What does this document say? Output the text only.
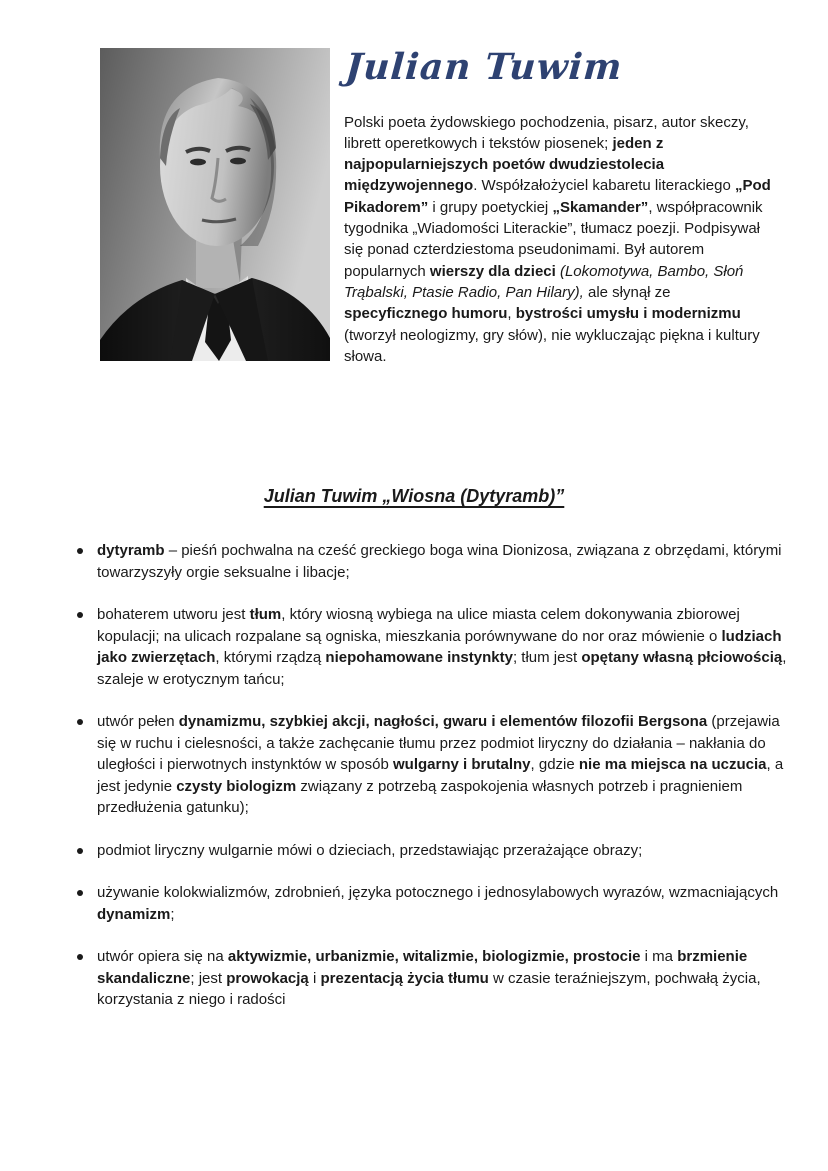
Julian Tuwim

Polski poeta żydowskiego pochodzenia, pisarz, autor skeczy, librett operetkowych i tekstów piosenek; jeden z najpopularniejszych poetów dwudziestolecia międzywojennego. Współzałożyciel kabaretu literackiego „Pod Pikadorem” i grupy poetyckiej „Skamander”, współpracownik tygodnika „Wiadomości Literackie”, tłumacz poezji. Podpisywał się ponad czterdziestoma pseudonimami. Był autorem popularnych wierszy dla dzieci (Lokomotywa, Bambo, Słoń Trąbalski, Ptasie Radio, Pan Hilary), ale słynął ze specyficznego humoru, bystrości umysłu i modernizmu (tworzył neologizmy, gry słów), nie wykluczając piękna i kultury słowa.

Julian Tuwim „Wiosna (Dytyramb)”
dytyramb – pieśń pochwalna na cześć greckiego boga wina Dionizosa, związana z obrzędami, którymi towarzyszyły orgie seksualne i libacje;
bohaterem utworu jest tłum, który wiosną wybiega na ulice miasta celem dokonywania zbiorowej kopulacji; na ulicach rozpalane są ogniska, mieszkania porównywane do nor oraz mówienie o ludziach jako zwierzętach, którymi rządzą niepohamowane instynkty; tłum jest opętany własną płciowością, szaleje w erotycznym tańcu;
utwór pełen dynamizmu, szybkiej akcji, nagłości, gwaru i elementów filozofii Bergsona (przejawia się w ruchu i cielesności, a także zachęcanie tłumu przez podmiot liryczny do działania – nakłania do uległości i pierwotnych instynktów w sposób wulgarny i brutalny, gdzie nie ma miejsca na uczucia, a jest jedynie czysty biologizm związany z potrzebą zaspokojenia własnych potrzeb i pragnieniem przedłużenia gatunku);
podmiot liryczny wulgarnie mówi o dzieciach, przedstawiając przerażające obrazy;
używanie kolokwializmów, zdrobnień, języka potocznego i jednosylabowych wyrazów, wzmacniających dynamizm;
utwór opiera się na aktywizmie, urbanizmie, witalizmie, biologizmie, prostocie i ma brzmienie skandaliczne; jest prowokacją i prezentacją życia tłumu w czasie teraźniejszym, pochwałą życia, korzystania z niego i radości
